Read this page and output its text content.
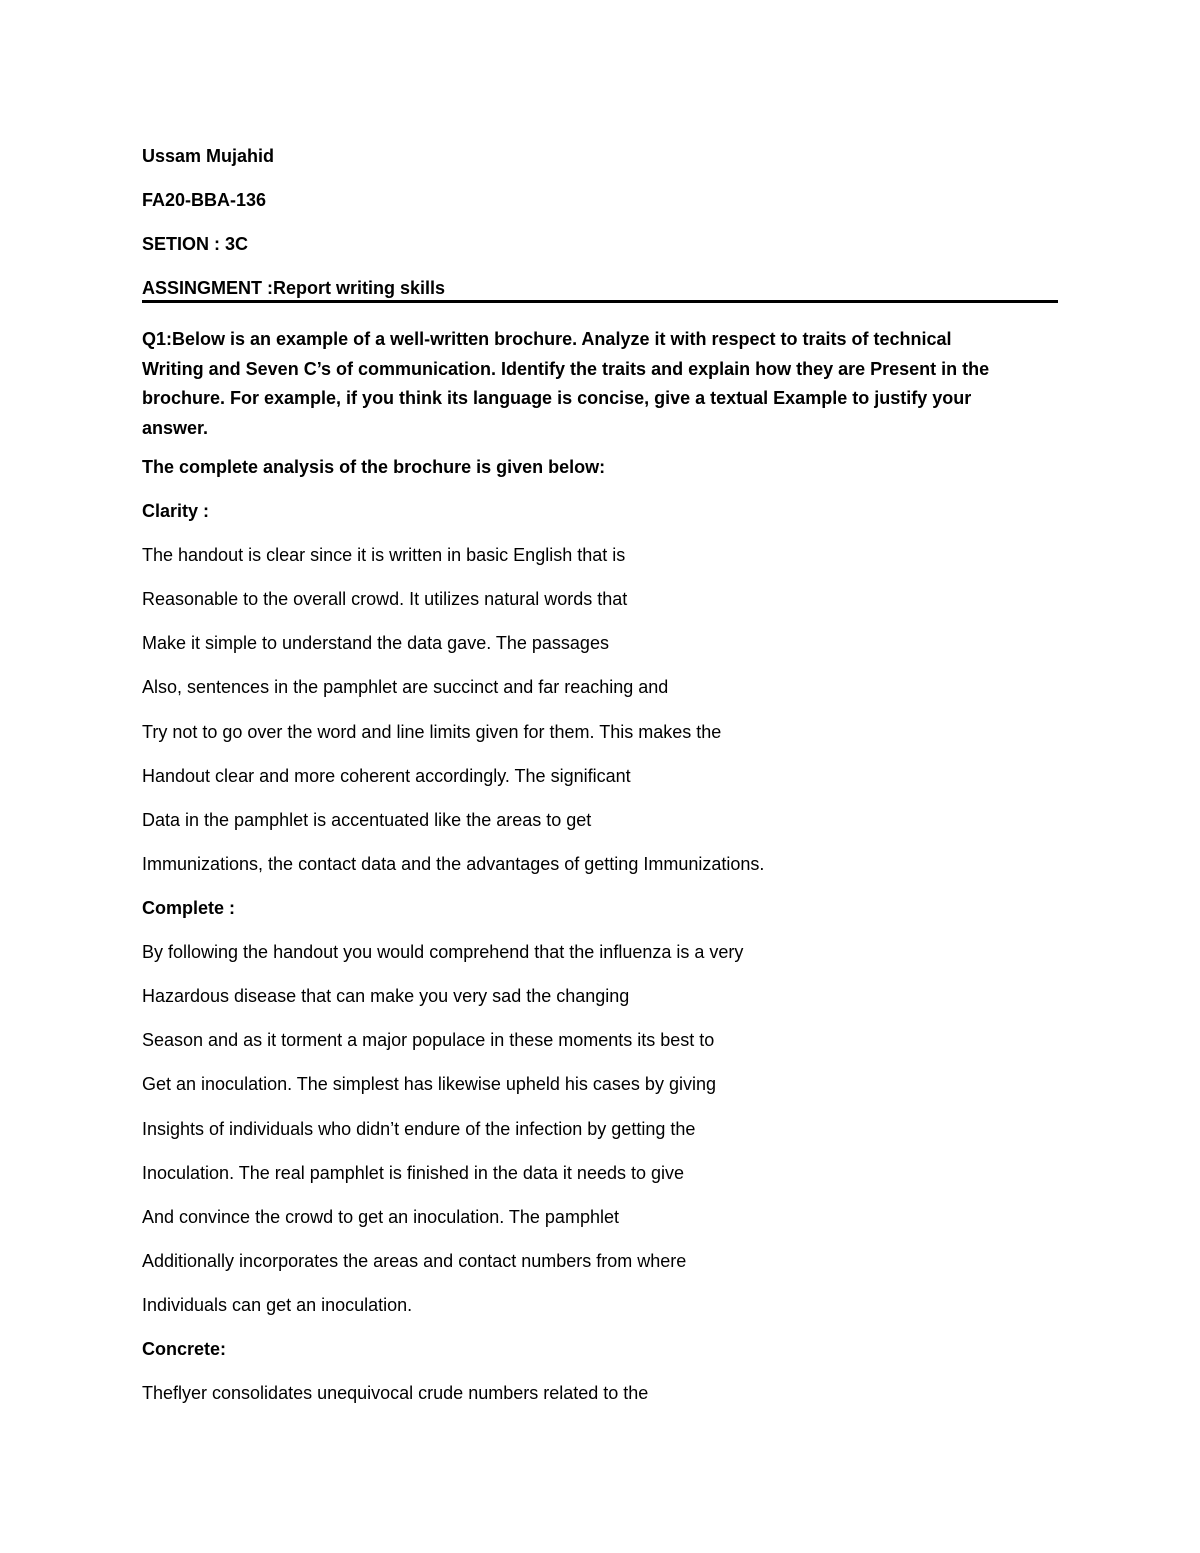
Ussam Mujahid
FA20-BBA-136
SETION : 3C
ASSINGMENT :Report writing skills
Q1:Below is an example of a well-written brochure. Analyze it with respect to traits of technical
Writing and Seven C’s of communication. Identify the traits and explain how they are Present in the
brochure. For example, if you think its language is concise, give a textual Example to justify your
answer.
The complete analysis of the brochure is given below:
Clarity :
The handout is clear since it is written in basic English that is
Reasonable to the overall crowd. It utilizes natural words that
Make it simple to understand the data gave. The passages
Also, sentences in the pamphlet are succinct and far reaching and
Try not to go over the word and line limits given for them. This makes the
Handout clear and more coherent accordingly. The significant
Data in the pamphlet is accentuated like the areas to get
Immunizations, the contact data and the advantages of getting Immunizations.
Complete :
By following the handout you would comprehend that the influenza is a very
Hazardous disease that can make you very sad the changing
Season and as it torment a major populace in these moments its best to
Get an inoculation. The simplest has likewise upheld his cases by giving
Insights of individuals who didn’t endure of the infection by getting the
Inoculation. The real pamphlet is finished in the data it needs to give
And convince the crowd to get an inoculation. The pamphlet
Additionally incorporates the areas and contact numbers from where
Individuals can get an inoculation.
Concrete:
Theflyer consolidates unequivocal crude numbers related to the
